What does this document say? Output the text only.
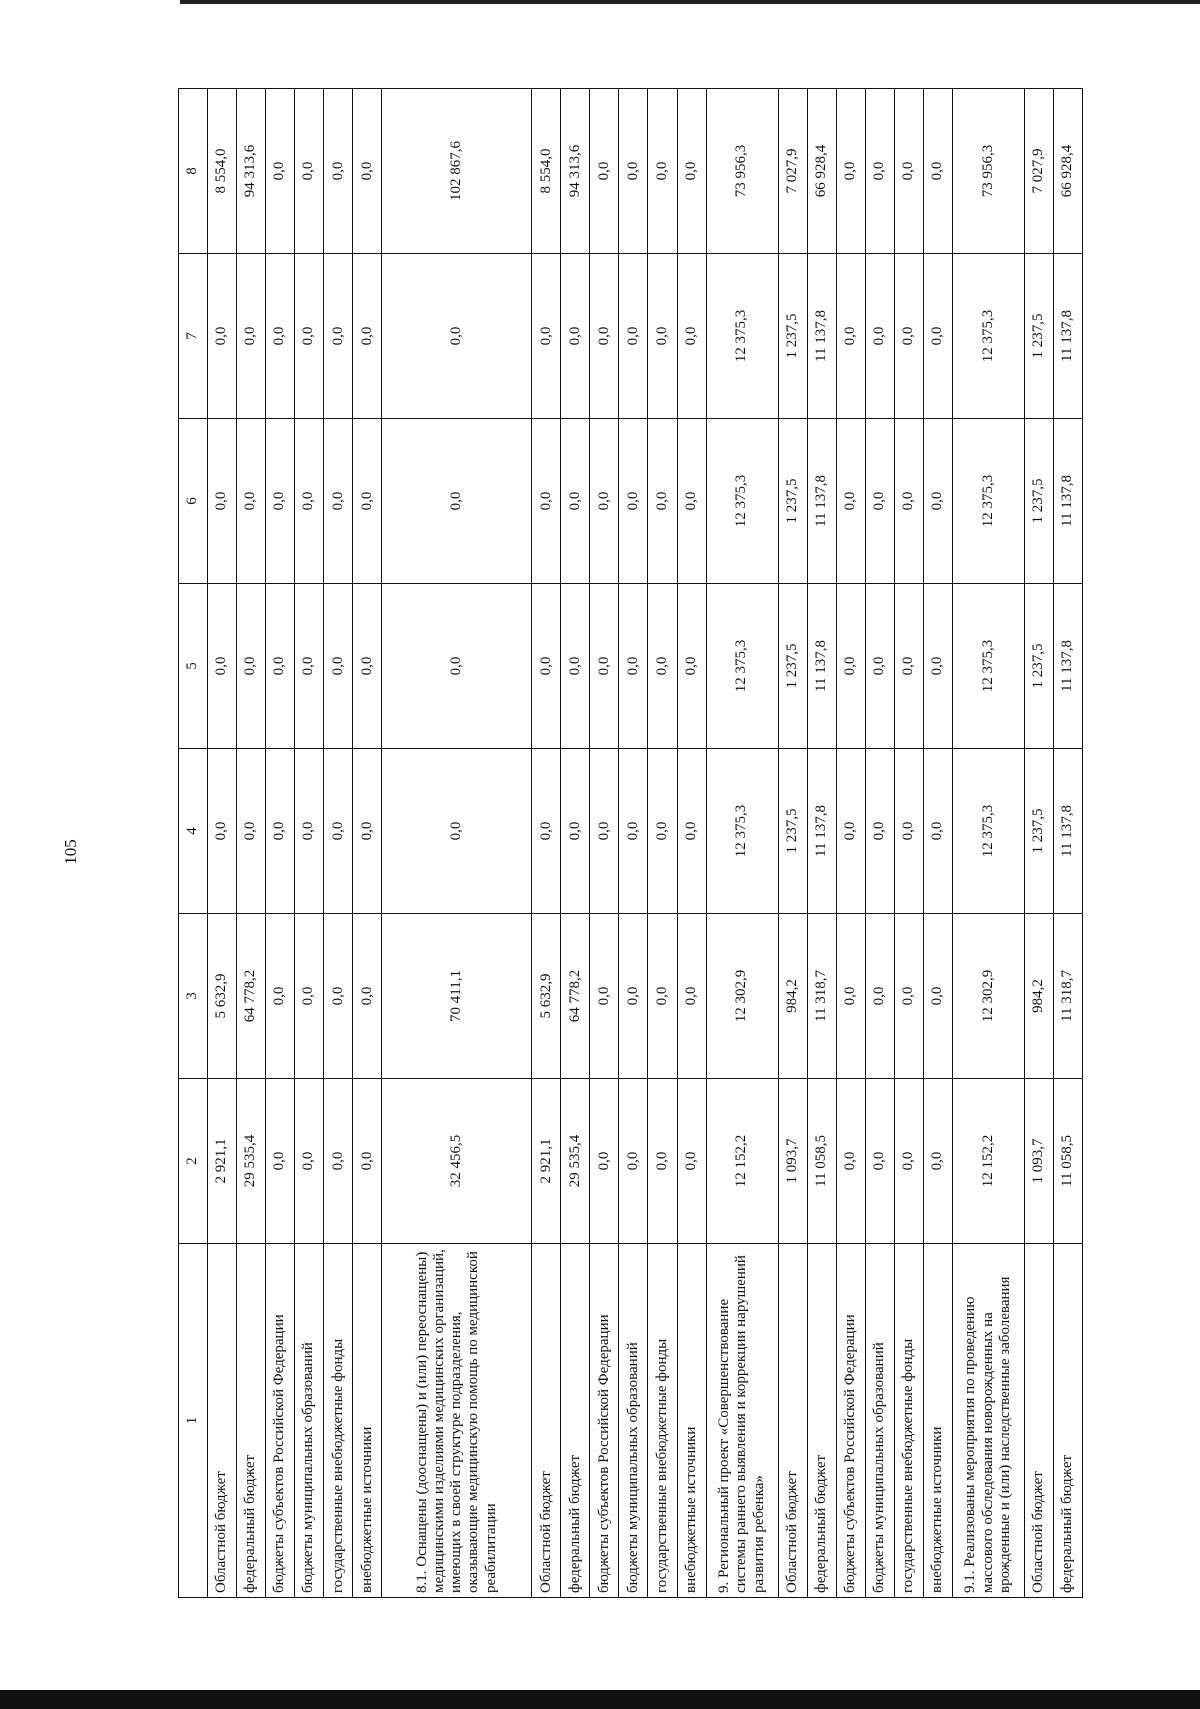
105
1	2	3	4	5	6	7	8
Областной бюджет	2 921,1	5 632,9	0,0	0,0	0,0	0,0	8 554,0
федеральный бюджет	29 535,4	64 778,2	0,0	0,0	0,0	0,0	94 313,6
бюджеты субъектов Российской Федерации	0,0	0,0	0,0	0,0	0,0	0,0	0,0
бюджеты муниципальных образований	0,0	0,0	0,0	0,0	0,0	0,0	0,0
государственные внебюджетные фонды	0,0	0,0	0,0	0,0	0,0	0,0	0,0
внебюджетные источники	0,0	0,0	0,0	0,0	0,0	0,0	0,0
8.1. Оснащены (дооснащены) и (или) переоснащены) медицинскими изделиями медицинских организаций, имеющих в своей структуре подразделения, оказывающие медицинскую помощь по медицинской реабилитации	32 456,5	70 411,1	0,0	0,0	0,0	0,0	102 867,6
Областной бюджет	2 921,1	5 632,9	0,0	0,0	0,0	0,0	8 554,0
федеральный бюджет	29 535,4	64 778,2	0,0	0,0	0,0	0,0	94 313,6
бюджеты субъектов Российской Федерации	0,0	0,0	0,0	0,0	0,0	0,0	0,0
бюджеты муниципальных образований	0,0	0,0	0,0	0,0	0,0	0,0	0,0
государственные внебюджетные фонды	0,0	0,0	0,0	0,0	0,0	0,0	0,0
внебюджетные источники	0,0	0,0	0,0	0,0	0,0	0,0	0,0
9. Региональный проект «Совершенствование системы раннего выявления и коррекции нарушений развития ребенка»	12 152,2	12 302,9	12 375,3	12 375,3	12 375,3	12 375,3	73 956,3
Областной бюджет	1 093,7	984,2	1 237,5	1 237,5	1 237,5	1 237,5	7 027,9
федеральный бюджет	11 058,5	11 318,7	11 137,8	11 137,8	11 137,8	11 137,8	66 928,4
бюджеты субъектов Российской Федерации	0,0	0,0	0,0	0,0	0,0	0,0	0,0
бюджеты муниципальных образований	0,0	0,0	0,0	0,0	0,0	0,0	0,0
государственные внебюджетные фонды	0,0	0,0	0,0	0,0	0,0	0,0	0,0
внебюджетные источники	0,0	0,0	0,0	0,0	0,0	0,0	0,0
9.1. Реализованы мероприятия по проведению массового обследования новорожденных на врожденные и (или) наследственные заболевания	12 152,2	12 302,9	12 375,3	12 375,3	12 375,3	12 375,3	73 956,3
Областной бюджет	1 093,7	984,2	1 237,5	1 237,5	1 237,5	1 237,5	7 027,9
федеральный бюджет	11 058,5	11 318,7	11 137,8	11 137,8	11 137,8	11 137,8	66 928,4
